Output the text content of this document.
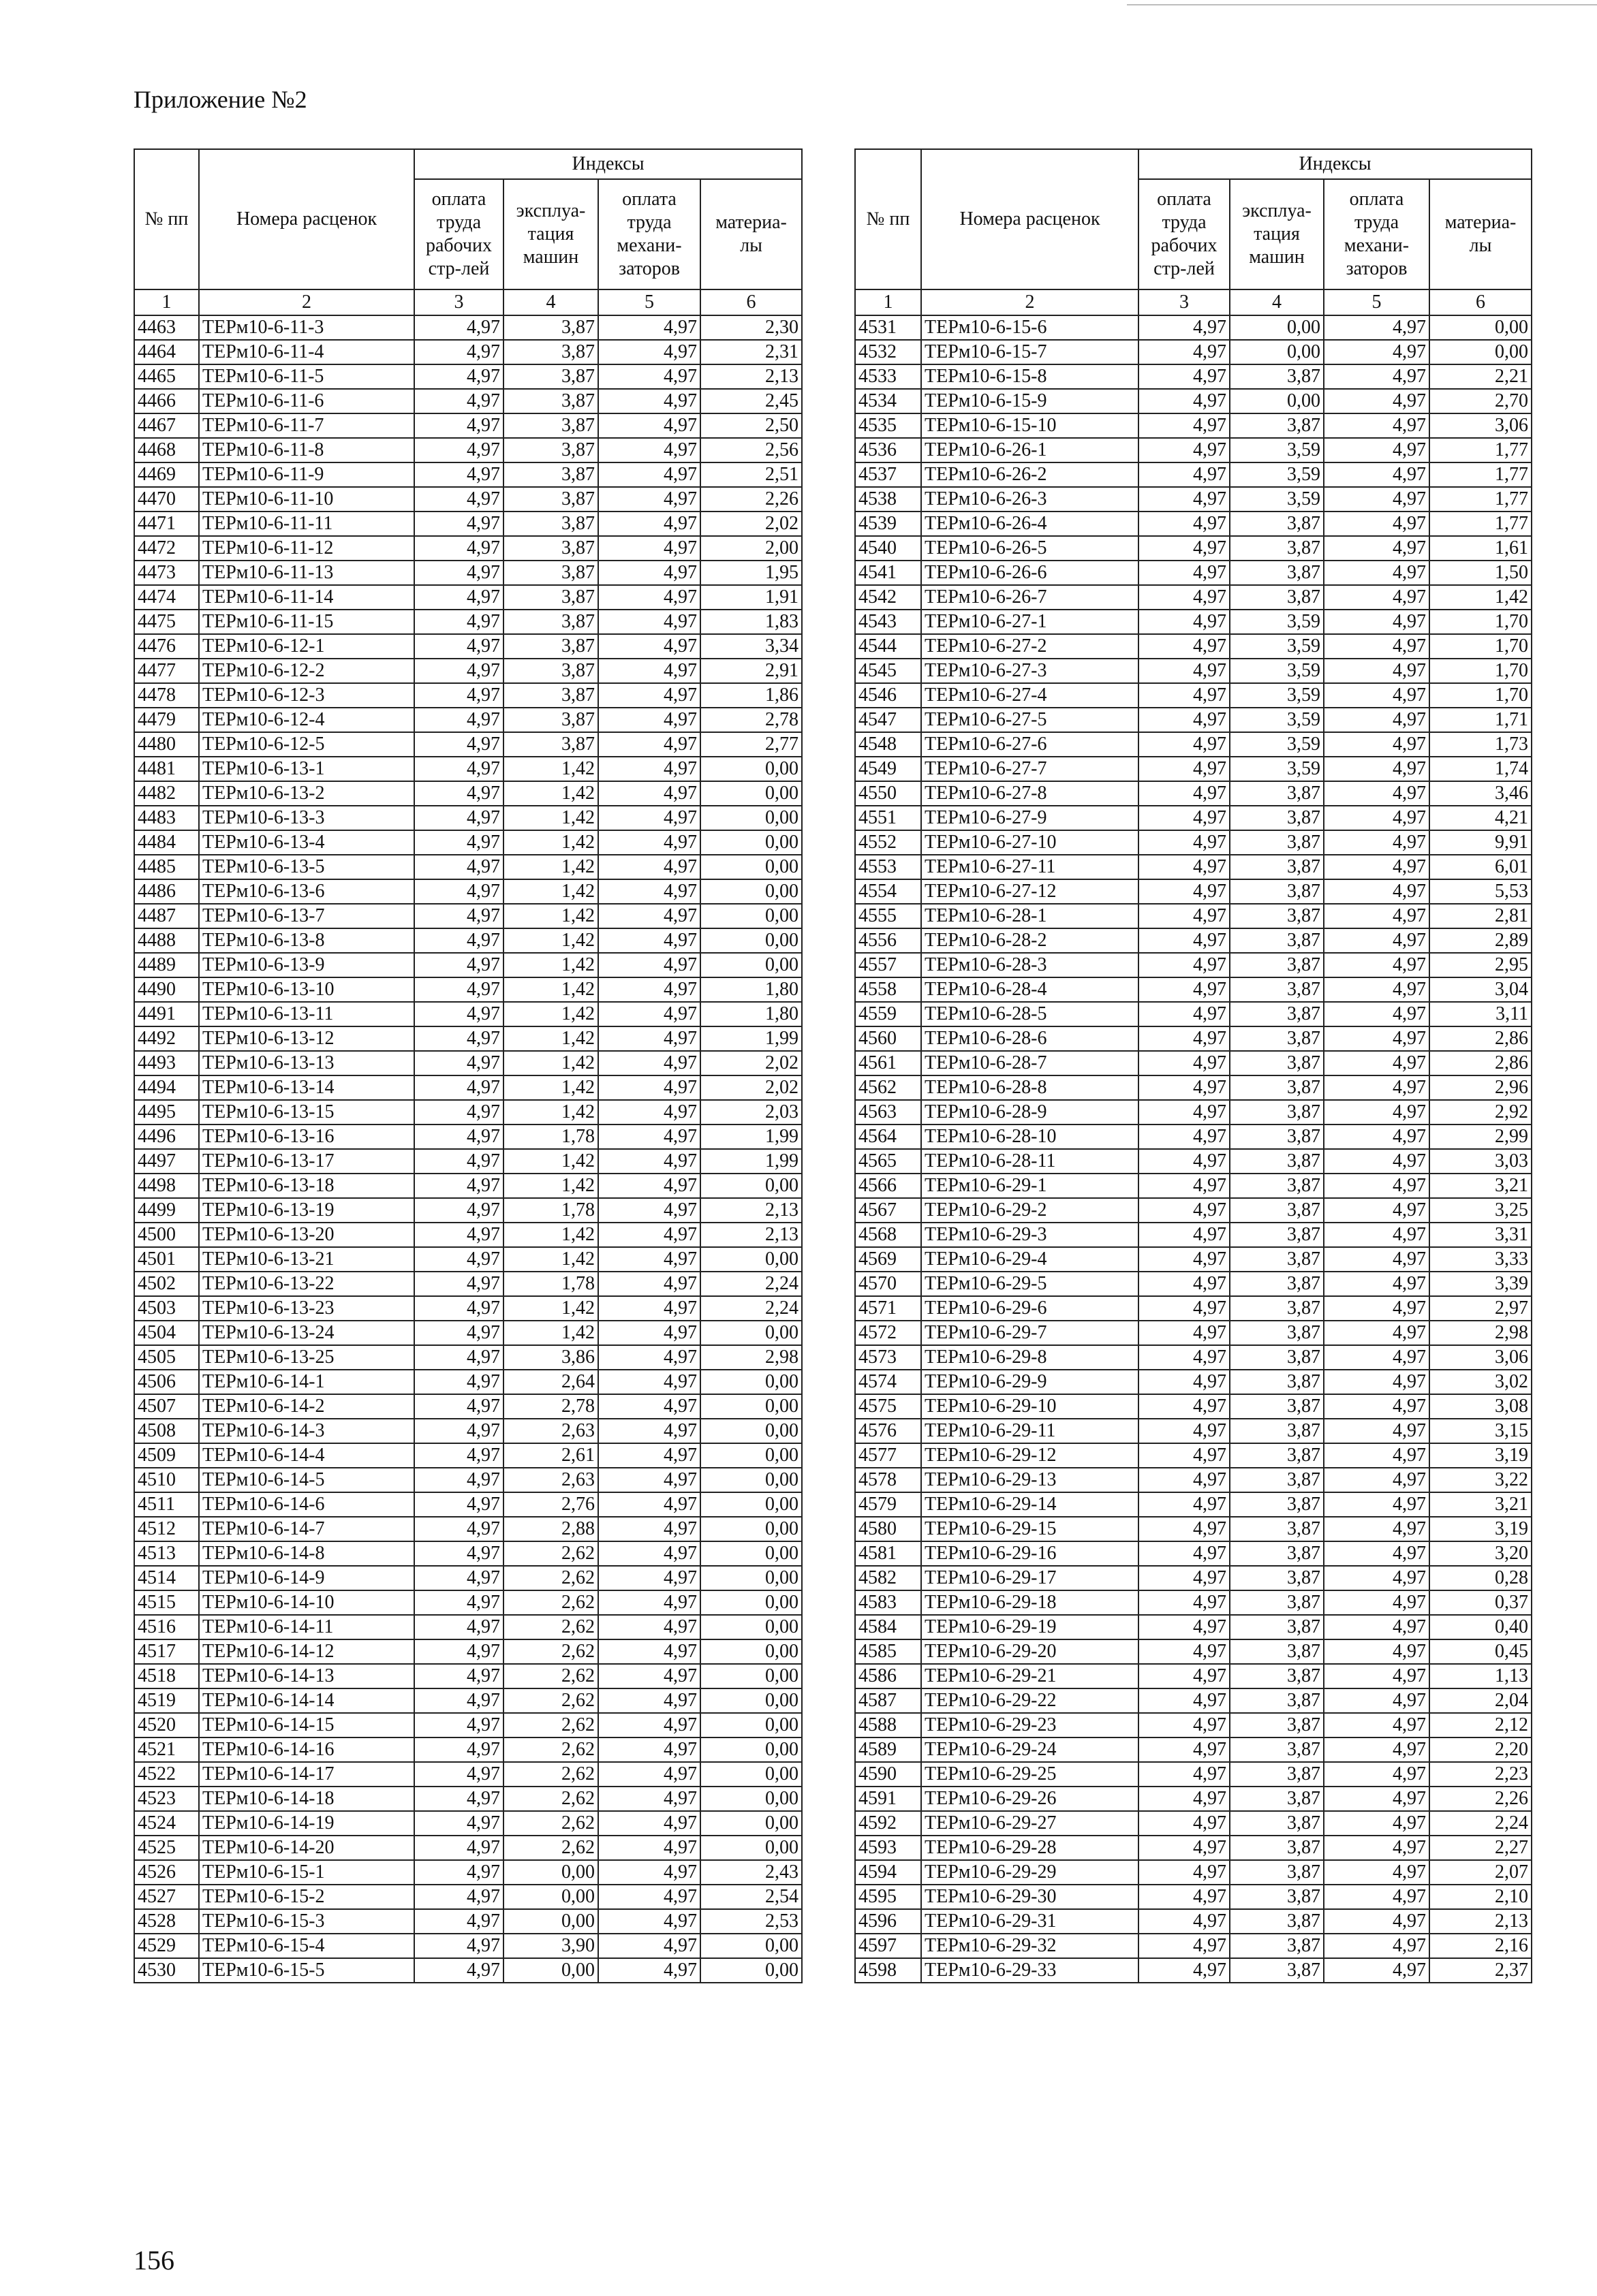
Приложение №2
№ пп	Номера расценок	Индексы			
		оплата
труда
рабочих
стр-лей	эксплуа-
тация
машин	оплата
труда
механи-
заторов	материа-
лы
1	2	3	4	5	6
4463	ТЕРм10-6-11-3	4,97	3,87	4,97	2,30
4464	ТЕРм10-6-11-4	4,97	3,87	4,97	2,31
4465	ТЕРм10-6-11-5	4,97	3,87	4,97	2,13
4466	ТЕРм10-6-11-6	4,97	3,87	4,97	2,45
4467	ТЕРм10-6-11-7	4,97	3,87	4,97	2,50
4468	ТЕРм10-6-11-8	4,97	3,87	4,97	2,56
4469	ТЕРм10-6-11-9	4,97	3,87	4,97	2,51
4470	ТЕРм10-6-11-10	4,97	3,87	4,97	2,26
4471	ТЕРм10-6-11-11	4,97	3,87	4,97	2,02
4472	ТЕРм10-6-11-12	4,97	3,87	4,97	2,00
4473	ТЕРм10-6-11-13	4,97	3,87	4,97	1,95
4474	ТЕРм10-6-11-14	4,97	3,87	4,97	1,91
4475	ТЕРм10-6-11-15	4,97	3,87	4,97	1,83
4476	ТЕРм10-6-12-1	4,97	3,87	4,97	3,34
4477	ТЕРм10-6-12-2	4,97	3,87	4,97	2,91
4478	ТЕРм10-6-12-3	4,97	3,87	4,97	1,86
4479	ТЕРм10-6-12-4	4,97	3,87	4,97	2,78
4480	ТЕРм10-6-12-5	4,97	3,87	4,97	2,77
4481	ТЕРм10-6-13-1	4,97	1,42	4,97	0,00
4482	ТЕРм10-6-13-2	4,97	1,42	4,97	0,00
4483	ТЕРм10-6-13-3	4,97	1,42	4,97	0,00
4484	ТЕРм10-6-13-4	4,97	1,42	4,97	0,00
4485	ТЕРм10-6-13-5	4,97	1,42	4,97	0,00
4486	ТЕРм10-6-13-6	4,97	1,42	4,97	0,00
4487	ТЕРм10-6-13-7	4,97	1,42	4,97	0,00
4488	ТЕРм10-6-13-8	4,97	1,42	4,97	0,00
4489	ТЕРм10-6-13-9	4,97	1,42	4,97	0,00
4490	ТЕРм10-6-13-10	4,97	1,42	4,97	1,80
4491	ТЕРм10-6-13-11	4,97	1,42	4,97	1,80
4492	ТЕРм10-6-13-12	4,97	1,42	4,97	1,99
4493	ТЕРм10-6-13-13	4,97	1,42	4,97	2,02
4494	ТЕРм10-6-13-14	4,97	1,42	4,97	2,02
4495	ТЕРм10-6-13-15	4,97	1,42	4,97	2,03
4496	ТЕРм10-6-13-16	4,97	1,78	4,97	1,99
4497	ТЕРм10-6-13-17	4,97	1,42	4,97	1,99
4498	ТЕРм10-6-13-18	4,97	1,42	4,97	0,00
4499	ТЕРм10-6-13-19	4,97	1,78	4,97	2,13
4500	ТЕРм10-6-13-20	4,97	1,42	4,97	2,13
4501	ТЕРм10-6-13-21	4,97	1,42	4,97	0,00
4502	ТЕРм10-6-13-22	4,97	1,78	4,97	2,24
4503	ТЕРм10-6-13-23	4,97	1,42	4,97	2,24
4504	ТЕРм10-6-13-24	4,97	1,42	4,97	0,00
4505	ТЕРм10-6-13-25	4,97	3,86	4,97	2,98
4506	ТЕРм10-6-14-1	4,97	2,64	4,97	0,00
4507	ТЕРм10-6-14-2	4,97	2,78	4,97	0,00
4508	ТЕРм10-6-14-3	4,97	2,63	4,97	0,00
4509	ТЕРм10-6-14-4	4,97	2,61	4,97	0,00
4510	ТЕРм10-6-14-5	4,97	2,63	4,97	0,00
4511	ТЕРм10-6-14-6	4,97	2,76	4,97	0,00
4512	ТЕРм10-6-14-7	4,97	2,88	4,97	0,00
4513	ТЕРм10-6-14-8	4,97	2,62	4,97	0,00
4514	ТЕРм10-6-14-9	4,97	2,62	4,97	0,00
4515	ТЕРм10-6-14-10	4,97	2,62	4,97	0,00
4516	ТЕРм10-6-14-11	4,97	2,62	4,97	0,00
4517	ТЕРм10-6-14-12	4,97	2,62	4,97	0,00
4518	ТЕРм10-6-14-13	4,97	2,62	4,97	0,00
4519	ТЕРм10-6-14-14	4,97	2,62	4,97	0,00
4520	ТЕРм10-6-14-15	4,97	2,62	4,97	0,00
4521	ТЕРм10-6-14-16	4,97	2,62	4,97	0,00
4522	ТЕРм10-6-14-17	4,97	2,62	4,97	0,00
4523	ТЕРм10-6-14-18	4,97	2,62	4,97	0,00
4524	ТЕРм10-6-14-19	4,97	2,62	4,97	0,00
4525	ТЕРм10-6-14-20	4,97	2,62	4,97	0,00
4526	ТЕРм10-6-15-1	4,97	0,00	4,97	2,43
4527	ТЕРм10-6-15-2	4,97	0,00	4,97	2,54
4528	ТЕРм10-6-15-3	4,97	0,00	4,97	2,53
4529	ТЕРм10-6-15-4	4,97	3,90	4,97	0,00
4530	ТЕРм10-6-15-5	4,97	0,00	4,97	0,00
№ пп	Номера расценок	Индексы			
		оплата
труда
рабочих
стр-лей	эксплуа-
тация
машин	оплата
труда
механи-
заторов	материа-
лы
1	2	3	4	5	6
4531	ТЕРм10-6-15-6	4,97	0,00	4,97	0,00
4532	ТЕРм10-6-15-7	4,97	0,00	4,97	0,00
4533	ТЕРм10-6-15-8	4,97	3,87	4,97	2,21
4534	ТЕРм10-6-15-9	4,97	0,00	4,97	2,70
4535	ТЕРм10-6-15-10	4,97	3,87	4,97	3,06
4536	ТЕРм10-6-26-1	4,97	3,59	4,97	1,77
4537	ТЕРм10-6-26-2	4,97	3,59	4,97	1,77
4538	ТЕРм10-6-26-3	4,97	3,59	4,97	1,77
4539	ТЕРм10-6-26-4	4,97	3,87	4,97	1,77
4540	ТЕРм10-6-26-5	4,97	3,87	4,97	1,61
4541	ТЕРм10-6-26-6	4,97	3,87	4,97	1,50
4542	ТЕРм10-6-26-7	4,97	3,87	4,97	1,42
4543	ТЕРм10-6-27-1	4,97	3,59	4,97	1,70
4544	ТЕРм10-6-27-2	4,97	3,59	4,97	1,70
4545	ТЕРм10-6-27-3	4,97	3,59	4,97	1,70
4546	ТЕРм10-6-27-4	4,97	3,59	4,97	1,70
4547	ТЕРм10-6-27-5	4,97	3,59	4,97	1,71
4548	ТЕРм10-6-27-6	4,97	3,59	4,97	1,73
4549	ТЕРм10-6-27-7	4,97	3,59	4,97	1,74
4550	ТЕРм10-6-27-8	4,97	3,87	4,97	3,46
4551	ТЕРм10-6-27-9	4,97	3,87	4,97	4,21
4552	ТЕРм10-6-27-10	4,97	3,87	4,97	9,91
4553	ТЕРм10-6-27-11	4,97	3,87	4,97	6,01
4554	ТЕРм10-6-27-12	4,97	3,87	4,97	5,53
4555	ТЕРм10-6-28-1	4,97	3,87	4,97	2,81
4556	ТЕРм10-6-28-2	4,97	3,87	4,97	2,89
4557	ТЕРм10-6-28-3	4,97	3,87	4,97	2,95
4558	ТЕРм10-6-28-4	4,97	3,87	4,97	3,04
4559	ТЕРм10-6-28-5	4,97	3,87	4,97	3,11
4560	ТЕРм10-6-28-6	4,97	3,87	4,97	2,86
4561	ТЕРм10-6-28-7	4,97	3,87	4,97	2,86
4562	ТЕРм10-6-28-8	4,97	3,87	4,97	2,96
4563	ТЕРм10-6-28-9	4,97	3,87	4,97	2,92
4564	ТЕРм10-6-28-10	4,97	3,87	4,97	2,99
4565	ТЕРм10-6-28-11	4,97	3,87	4,97	3,03
4566	ТЕРм10-6-29-1	4,97	3,87	4,97	3,21
4567	ТЕРм10-6-29-2	4,97	3,87	4,97	3,25
4568	ТЕРм10-6-29-3	4,97	3,87	4,97	3,31
4569	ТЕРм10-6-29-4	4,97	3,87	4,97	3,33
4570	ТЕРм10-6-29-5	4,97	3,87	4,97	3,39
4571	ТЕРм10-6-29-6	4,97	3,87	4,97	2,97
4572	ТЕРм10-6-29-7	4,97	3,87	4,97	2,98
4573	ТЕРм10-6-29-8	4,97	3,87	4,97	3,06
4574	ТЕРм10-6-29-9	4,97	3,87	4,97	3,02
4575	ТЕРм10-6-29-10	4,97	3,87	4,97	3,08
4576	ТЕРм10-6-29-11	4,97	3,87	4,97	3,15
4577	ТЕРм10-6-29-12	4,97	3,87	4,97	3,19
4578	ТЕРм10-6-29-13	4,97	3,87	4,97	3,22
4579	ТЕРм10-6-29-14	4,97	3,87	4,97	3,21
4580	ТЕРм10-6-29-15	4,97	3,87	4,97	3,19
4581	ТЕРм10-6-29-16	4,97	3,87	4,97	3,20
4582	ТЕРм10-6-29-17	4,97	3,87	4,97	0,28
4583	ТЕРм10-6-29-18	4,97	3,87	4,97	0,37
4584	ТЕРм10-6-29-19	4,97	3,87	4,97	0,40
4585	ТЕРм10-6-29-20	4,97	3,87	4,97	0,45
4586	ТЕРм10-6-29-21	4,97	3,87	4,97	1,13
4587	ТЕРм10-6-29-22	4,97	3,87	4,97	2,04
4588	ТЕРм10-6-29-23	4,97	3,87	4,97	2,12
4589	ТЕРм10-6-29-24	4,97	3,87	4,97	2,20
4590	ТЕРм10-6-29-25	4,97	3,87	4,97	2,23
4591	ТЕРм10-6-29-26	4,97	3,87	4,97	2,26
4592	ТЕРм10-6-29-27	4,97	3,87	4,97	2,24
4593	ТЕРм10-6-29-28	4,97	3,87	4,97	2,27
4594	ТЕРм10-6-29-29	4,97	3,87	4,97	2,07
4595	ТЕРм10-6-29-30	4,97	3,87	4,97	2,10
4596	ТЕРм10-6-29-31	4,97	3,87	4,97	2,13
4597	ТЕРм10-6-29-32	4,97	3,87	4,97	2,16
4598	ТЕРм10-6-29-33	4,97	3,87	4,97	2,37
156
